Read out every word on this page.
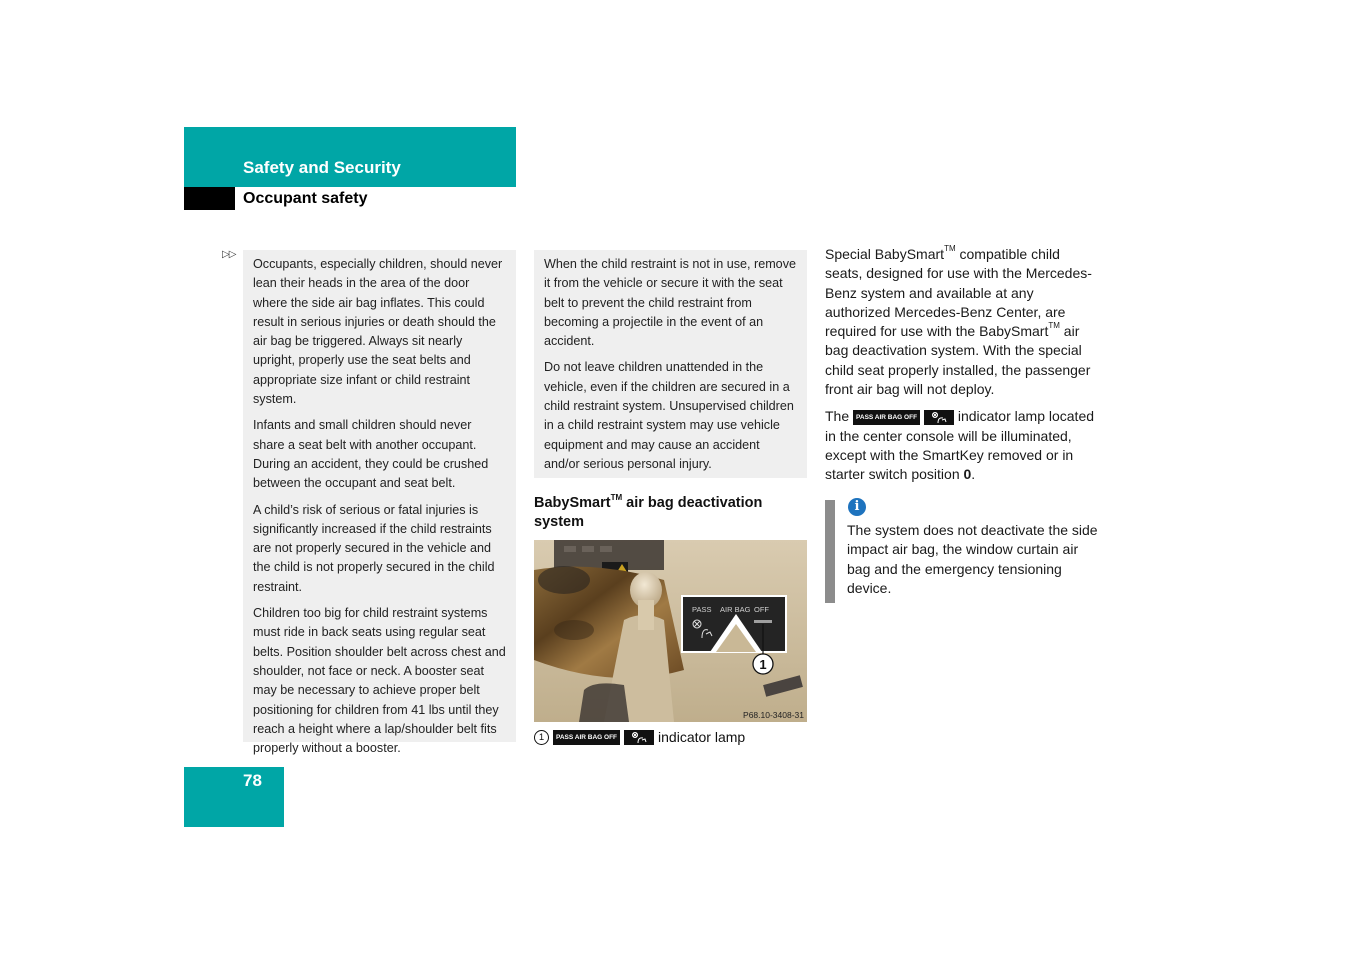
Safety and Security
Occupant safety
▷▷

Occupants, especially children, should never lean their heads in the area of the door where the side air bag inflates. This could result in serious injuries or death should the air bag be triggered. Always sit nearly upright, properly use the seat belts and appropriate size infant or child restraint system.

Infants and small children should never share a seat belt with another occupant. During an accident, they could be crushed between the occupant and seat belt.

A child’s risk of serious or fatal injuries is significantly increased if the child restraints are not properly secured in the vehicle and the child is not properly secured in the child restraint.

Children too big for child restraint systems must ride in back seats using regular seat belts. Position shoulder belt across chest and shoulder, not face or neck. A booster seat may be necessary to achieve proper belt positioning for children from 41 lbs until they reach a height where a lap/shoulder belt fits properly without a booster.

When the child restraint is not in use, remove it from the vehicle or secure it with the seat belt to prevent the child restraint from becoming a projectile in the event of an accident.

Do not leave children unattended in the vehicle, even if the children are secured in a child restraint system. Unsupervised children in a child restraint system may use vehicle equipment and may cause an accident and/or serious personal injury.

BabySmart™ air bag deactivation system
PASS AIR BAG OFF
1
P68.10-3408-31
1	PASS AIR BAG OFF	indicator lamp

Special BabySmart™ compatible child seats, designed for use with the Mercedes-Benz system and available at any authorized Mercedes-Benz Center, are required for use with the BabySmart™ air bag deactivation system. With the special child seat properly installed, the passenger front air bag will not deploy.

The PASS AIR BAG OFF	indicator lamp located in the center console will be illuminated, except with the SmartKey removed or in starter switch position 0.

i
The system does not deactivate the side impact air bag, the window curtain air bag and the emergency tensioning device.
78
